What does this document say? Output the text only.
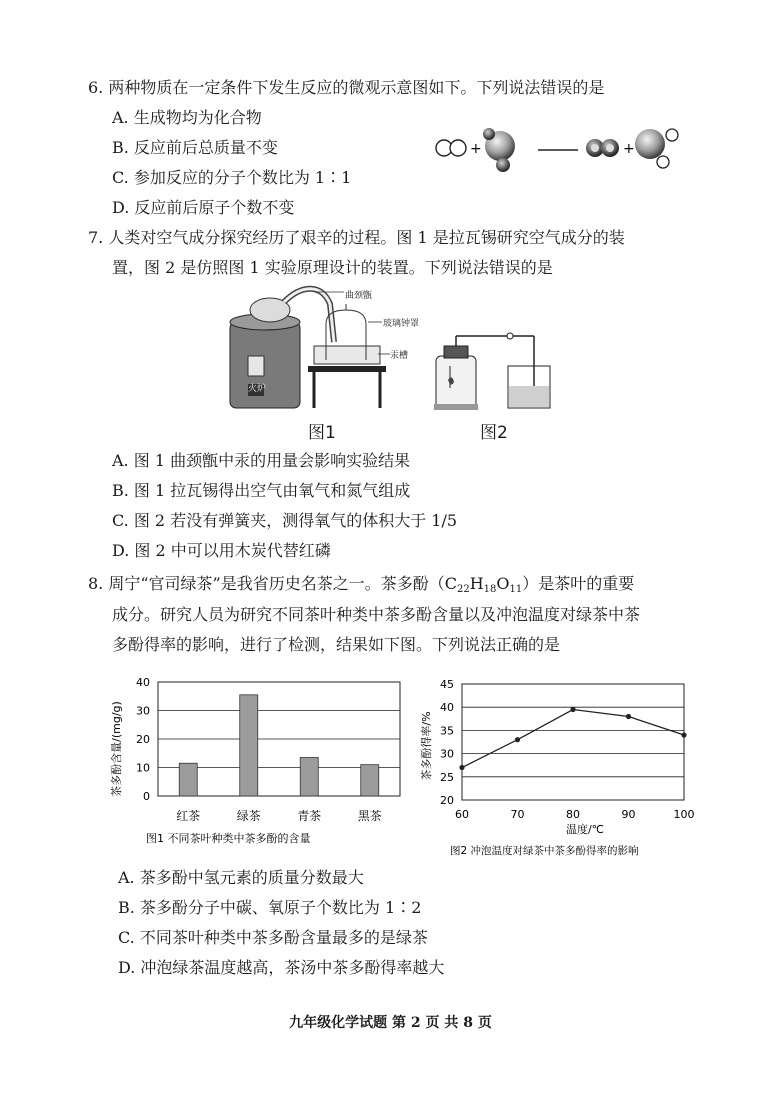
6. 两种物质在一定条件下发生反应的微观示意图如下。下列说法错误的是
A. 生成物均为化合物
B. 反应前后总质量不变
C. 参加反应的分子个数比为 1∶1
D. 反应前后原子个数不变
+	+
7. 人类对空气成分探究经历了艰辛的过程。图 1 是拉瓦锡研究空气成分的装
置，图 2 是仿照图 1 实验原理设计的装置。下列说法错误的是
曲颈甑
玻璃钟罩
汞槽
火炉
图1	图2
A. 图 1 曲颈甑中汞的用量会影响实验结果
B. 图 1 拉瓦锡得出空气由氧气和氮气组成
C. 图 2 若没有弹簧夹，测得氧气的体积大于 1/5
D. 图 2 中可以用木炭代替红磷
8. 周宁“官司绿茶”是我省历史名茶之一。茶多酚$(C_{22}H_{18}O_{11})$是茶叶的重要
成分。研究人员为研究不同茶叶种类中茶多酚含量以及冲泡温度对绿茶中茶
多酚得率的影响，进行了检测，结果如下图。下列说法正确的是
0
10
20
30
40
红茶	绿茶	青茶	黑茶
茶多酚含量/(mg/g)
图1 不同茶叶种类中茶多酚的含量
20
25
30
35
40
45
60	70	80	90	100
温度/℃
茶多酚得率/%
图2 冲泡温度对绿茶中茶多酚得率的影响
A. 茶多酚中氢元素的质量分数最大
B. 茶多酚分子中碳、氧原子个数比为 1∶2
C. 不同茶叶种类中茶多酚含量最多的是绿茶
D. 冲泡绿茶温度越高，茶汤中茶多酚得率越大
九年级化学试题 第 2 页 共 8 页
